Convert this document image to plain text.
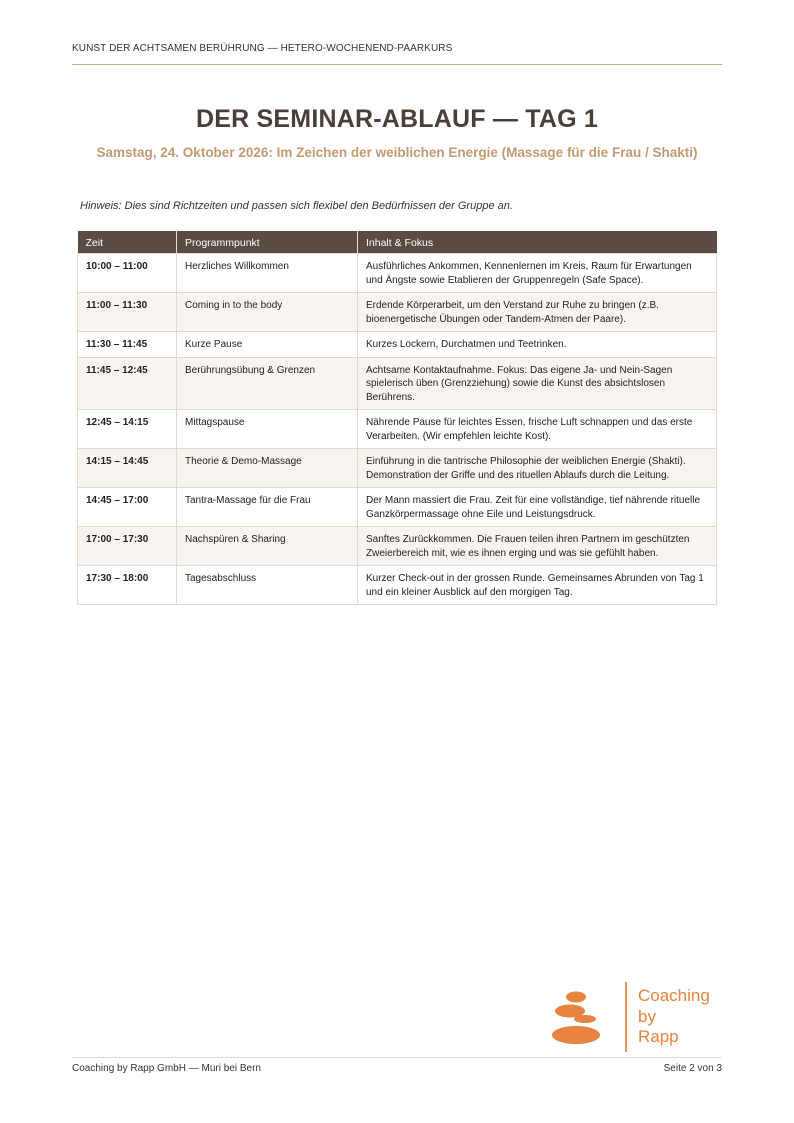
KUNST DER ACHTSAMEN BERÜHRUNG — HETERO-WOCHENEND-PAARKURS
DER SEMINAR-ABLAUF — TAG 1
Samstag, 24. Oktober 2026: Im Zeichen der weiblichen Energie (Massage für die Frau / Shakti)
Hinweis: Dies sind Richtzeiten und passen sich flexibel den Bedürfnissen der Gruppe an.
Zeit	Programmpunkt	Inhalt & Fokus
10:00 – 11:00	Herzliches Willkommen	Ausführliches Ankommen, Kennenlernen im Kreis, Raum für Erwartungen und Ängste sowie Etablieren der Gruppenregeln (Safe Space).
11:00 – 11:30	Coming in to the body	Erdende Körperarbeit, um den Verstand zur Ruhe zu bringen (z.B. bioenergetische Übungen oder Tandem-Atmen der Paare).
11:30 – 11:45	Kurze Pause	Kurzes Lockern, Durchatmen und Teetrinken.
11:45 – 12:45	Berührungsübung & Grenzen	Achtsame Kontaktaufnahme. Fokus: Das eigene Ja- und Nein-Sagen spielerisch üben (Grenzziehung) sowie die Kunst des absichtslosen Berührens.
12:45 – 14:15	Mittagspause	Nährende Pause für leichtes Essen, frische Luft schnappen und das erste Verarbeiten. (Wir empfehlen leichte Kost).
14:15 – 14:45	Theorie & Demo-Massage	Einführung in die tantrische Philosophie der weiblichen Energie (Shakti). Demonstration der Griffe und des rituellen Ablaufs durch die Leitung.
14:45 – 17:00	Tantra-Massage für die Frau	Der Mann massiert die Frau. Zeit für eine vollständige, tief nährende rituelle Ganzkörpermassage ohne Eile und Leistungsdruck.
17:00 – 17:30	Nachspüren & Sharing	Sanftes Zurückkommen. Die Frauen teilen ihren Partnern im geschützten Zweierbereich mit, wie es ihnen erging und was sie gefühlt haben.
17:30 – 18:00	Tagesabschluss	Kurzer Check-out in der grossen Runde. Gemeinsames Abrunden von Tag 1 und ein kleiner Ausblick auf den morgigen Tag.
Coaching
by
Rapp
Coaching by Rapp GmbH — Muri bei Bern	Seite 2 von 3
